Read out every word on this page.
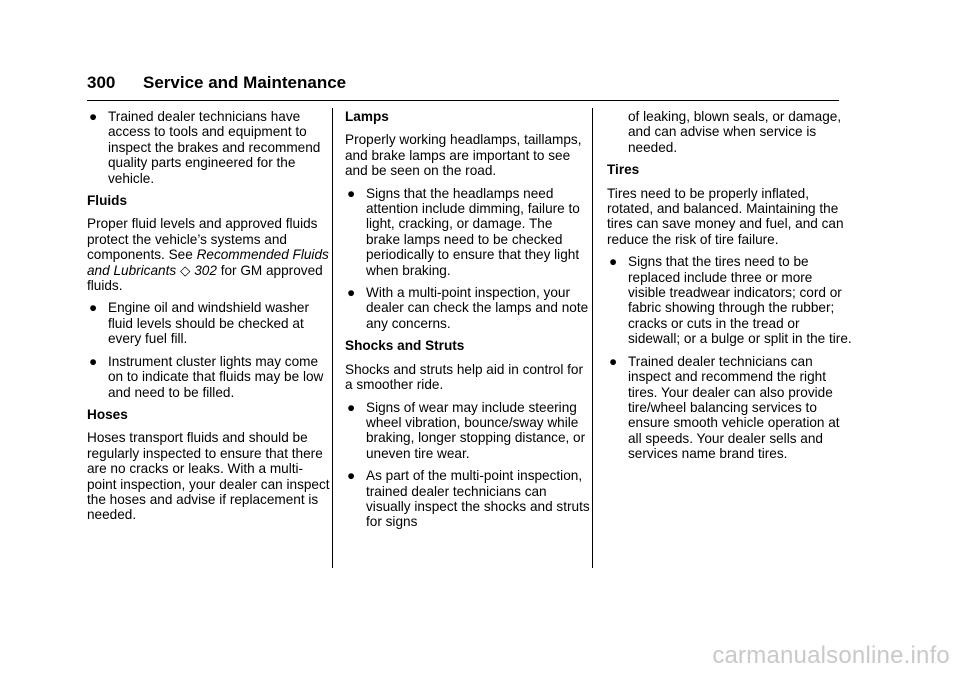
300 Service and Maintenance
● Trained dealer technicians have access to tools and equipment to inspect the brakes and recommend quality parts engineered for the vehicle.
Fluids

Proper fluid levels and approved fluids protect the vehicle’s systems and components. See Recommended Fluids and Lubricants ◇ 302 for GM approved fluids.

● Engine oil and windshield washer fluid levels should be checked at every fuel fill.
● Instrument cluster lights may come on to indicate that fluids may be low and need to be filled.
Hoses

Hoses transport fluids and should be regularly inspected to ensure that there are no cracks or leaks. With a multi-point inspection, your dealer can inspect the hoses and advise if replacement is needed.

Lamps

Properly working headlamps, taillamps, and brake lamps are important to see and be seen on the road.

● Signs that the headlamps need attention include dimming, failure to light, cracking, or damage. The brake lamps need to be checked periodically to ensure that they light when braking.
● With a multi-point inspection, your dealer can check the lamps and note any concerns.
Shocks and Struts

Shocks and struts help aid in control for a smoother ride.

● Signs of wear may include steering wheel vibration, bounce/sway while braking, longer stopping distance, or uneven tire wear.
● As part of the multi-point inspection, trained dealer technicians can visually inspect the shocks and struts for signs

of leaking, blown seals, or damage, and can advise when service is needed.

Tires

Tires need to be properly inflated, rotated, and balanced. Maintaining the tires can save money and fuel, and can reduce the risk of tire failure.

● Signs that the tires need to be replaced include three or more visible treadwear indicators; cord or fabric showing through the rubber; cracks or cuts in the tread or sidewall; or a bulge or split in the tire.
● Trained dealer technicians can inspect and recommend the right tires. Your dealer can also provide tire/wheel balancing services to ensure smooth vehicle operation at all speeds. Your dealer sells and services name brand tires.
carmanualsonline.info
